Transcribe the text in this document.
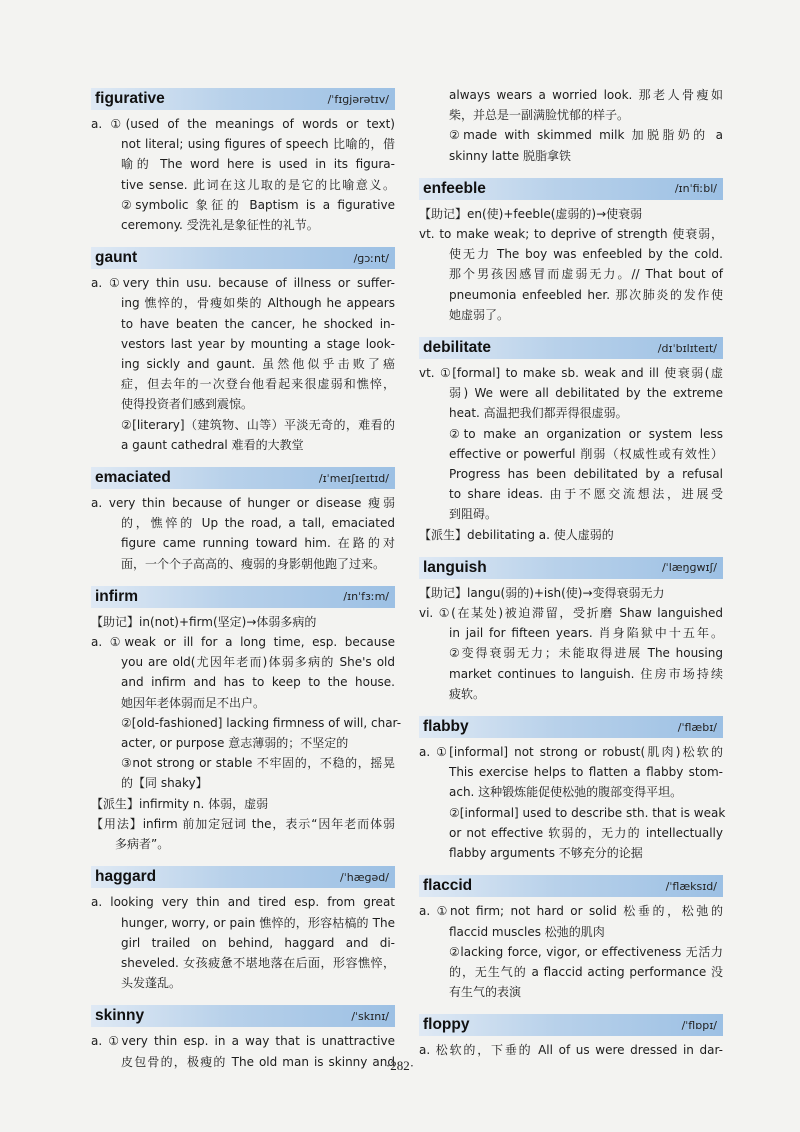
figurative	/ˈfɪɡjərətɪv/
a. ①(used of the meanings of words or text)
not literal; using figures of speech 比喻的，借
喻的 The word here is used in its figura-
tive sense. 此词在这儿取的是它的比喻意义。
②symbolic 象征的 Baptism is a figurative
ceremony. 受洗礼是象征性的礼节。
gaunt	/ɡɔːnt/
a. ①very thin usu. because of illness or suffer-
ing 憔悴的，骨瘦如柴的 Although he appears
to have beaten the cancer, he shocked in-
vestors last year by mounting a stage look-
ing sickly and gaunt. 虽然他似乎击败了癌
症，但去年的一次登台他看起来很虚弱和憔悴，
使得投资者们感到震惊。
②[literary]（建筑物、山等）平淡无奇的，难看的
a gaunt cathedral 难看的大教堂
emaciated	/ɪˈmeɪʃɪeɪtɪd/
a. very thin because of hunger or disease 瘦弱
的，憔悴的 Up the road, a tall, emaciated
figure came running toward him. 在路的对
面，一个个子高高的、瘦弱的身影朝他跑了过来。
infirm	/ɪnˈfɜːm/
【助记】in(not)+firm(坚定)→体弱多病的
a. ①weak or ill for a long time, esp. because
you are old(尤因年老而)体弱多病的 She's old
and infirm and has to keep to the house.
她因年老体弱而足不出户。
②[old-fashioned] lacking firmness of will, char-
acter, or purpose 意志薄弱的；不坚定的
③not strong or stable 不牢固的，不稳的，摇晃
的【同 shaky】
【派生】infirmity n. 体弱，虚弱
【用法】infirm 前加定冠词 the，表示“因年老而体弱
多病者”。
haggard	/ˈhæɡəd/
a. looking very thin and tired esp. from great
hunger, worry, or pain 憔悴的，形容枯槁的 The
girl trailed on behind, haggard and di-
sheveled. 女孩疲惫不堪地落在后面，形容憔悴，
头发蓬乱。
skinny	/ˈskɪnɪ/
a. ①very thin esp. in a way that is unattractive
皮包骨的，极瘦的 The old man is skinny and
always wears a worried look. 那老人骨瘦如
柴，并总是一副满脸忧郁的样子。
②made with skimmed milk 加脱脂奶的 a
skinny latte 脱脂拿铁
enfeeble	/ɪnˈfiːbl/
【助记】en(使)+feeble(虚弱的)→使衰弱
vt. to make weak; to deprive of strength 使衰弱，
使无力 The boy was enfeebled by the cold.
那个男孩因感冒而虚弱无力。// That bout of
pneumonia enfeebled her. 那次肺炎的发作使
她虚弱了。
debilitate	/dɪˈbɪlɪteɪt/
vt. ①[formal] to make sb. weak and ill 使衰弱(虚
弱) We were all debilitated by the extreme
heat. 高温把我们都弄得很虚弱。
②to make an organization or system less
effective or powerful 削弱（权威性或有效性）
Progress has been debilitated by a refusal
to share ideas. 由于不愿交流想法，进展受
到阻碍。
【派生】debilitating a. 使人虚弱的
languish	/ˈlæŋɡwɪʃ/
【助记】langu(弱的)+ish(使)→变得衰弱无力
vi. ①(在某处)被迫滞留，受折磨 Shaw languished
in jail for fifteen years. 肖身陷狱中十五年。
②变得衰弱无力；未能取得进展 The housing
market continues to languish. 住房市场持续
疲软。
flabby	/ˈflæbɪ/
a. ①[informal] not strong or robust(肌肉)松软的
This exercise helps to flatten a flabby stom-
ach. 这种锻炼能促使松弛的腹部变得平坦。
②[informal] used to describe sth. that is weak
or not effective 软弱的，无力的 intellectually
flabby arguments 不够充分的论据
flaccid	/ˈflæksɪd/
a. ①not firm; not hard or solid 松垂的，松弛的
flaccid muscles 松弛的肌肉
②lacking force, vigor, or effectiveness 无活力
的，无生气的 a flaccid acting performance 没
有生气的表演
floppy	/ˈflɒpɪ/
a. 松软的，下垂的 All of us were dressed in dar-
·282·
